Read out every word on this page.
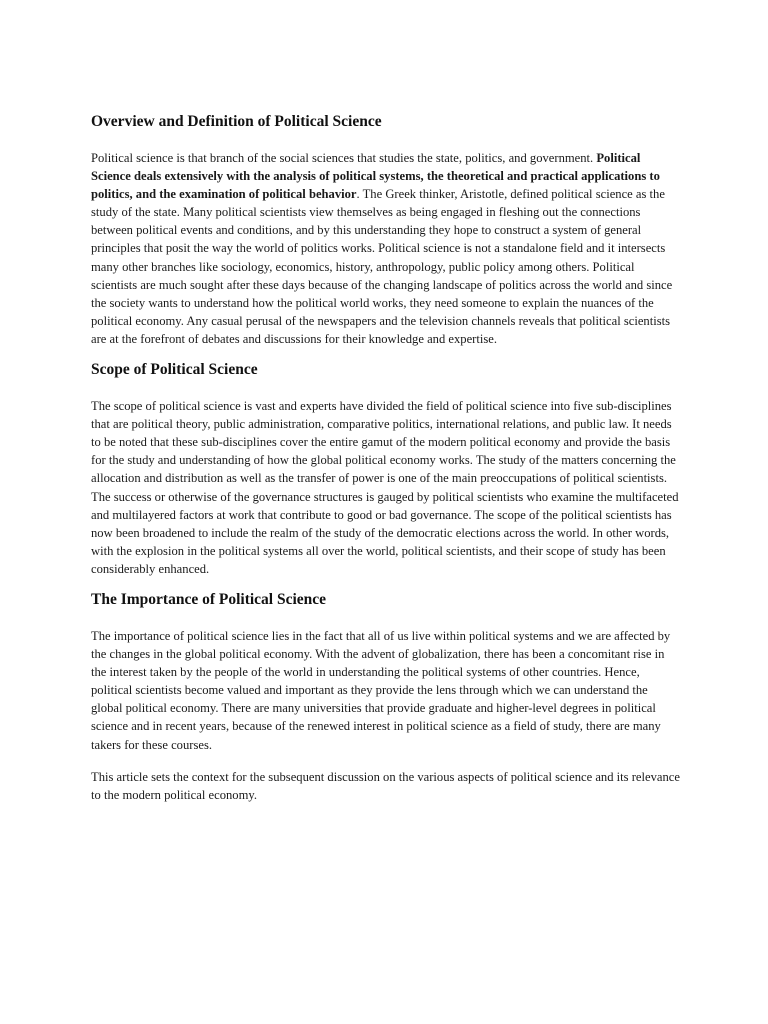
Overview and Definition of Political Science

Political science is that branch of the social sciences that studies the state, politics, and government. Political Science deals extensively with the analysis of political systems, the theoretical and practical applications to politics, and the examination of political behavior. The Greek thinker, Aristotle, defined political science as the study of the state. Many political scientists view themselves as being engaged in fleshing out the connections between political events and conditions, and by this understanding they hope to construct a system of general principles that posit the way the world of politics works. Political science is not a standalone field and it intersects many other branches like sociology, economics, history, anthropology, public policy among others. Political scientists are much sought after these days because of the changing landscape of politics across the world and since the society wants to understand how the political world works, they need someone to explain the nuances of the political economy. Any casual perusal of the newspapers and the television channels reveals that political scientists are at the forefront of debates and discussions for their knowledge and expertise.

Scope of Political Science

The scope of political science is vast and experts have divided the field of political science into five sub-disciplines that are political theory, public administration, comparative politics, international relations, and public law. It needs to be noted that these sub-disciplines cover the entire gamut of the modern political economy and provide the basis for the study and understanding of how the global political economy works. The study of the matters concerning the allocation and distribution as well as the transfer of power is one of the main preoccupations of political scientists. The success or otherwise of the governance structures is gauged by political scientists who examine the multifaceted and multilayered factors at work that contribute to good or bad governance. The scope of the political scientists has now been broadened to include the realm of the study of the democratic elections across the world. In other words, with the explosion in the political systems all over the world, political scientists, and their scope of study has been considerably enhanced.

The Importance of Political Science

The importance of political science lies in the fact that all of us live within political systems and we are affected by the changes in the global political economy. With the advent of globalization, there has been a concomitant rise in the interest taken by the people of the world in understanding the political systems of other countries. Hence, political scientists become valued and important as they provide the lens through which we can understand the global political economy. There are many universities that provide graduate and higher-level degrees in political science and in recent years, because of the renewed interest in political science as a field of study, there are many takers for these courses.

This article sets the context for the subsequent discussion on the various aspects of political science and its relevance to the modern political economy.
